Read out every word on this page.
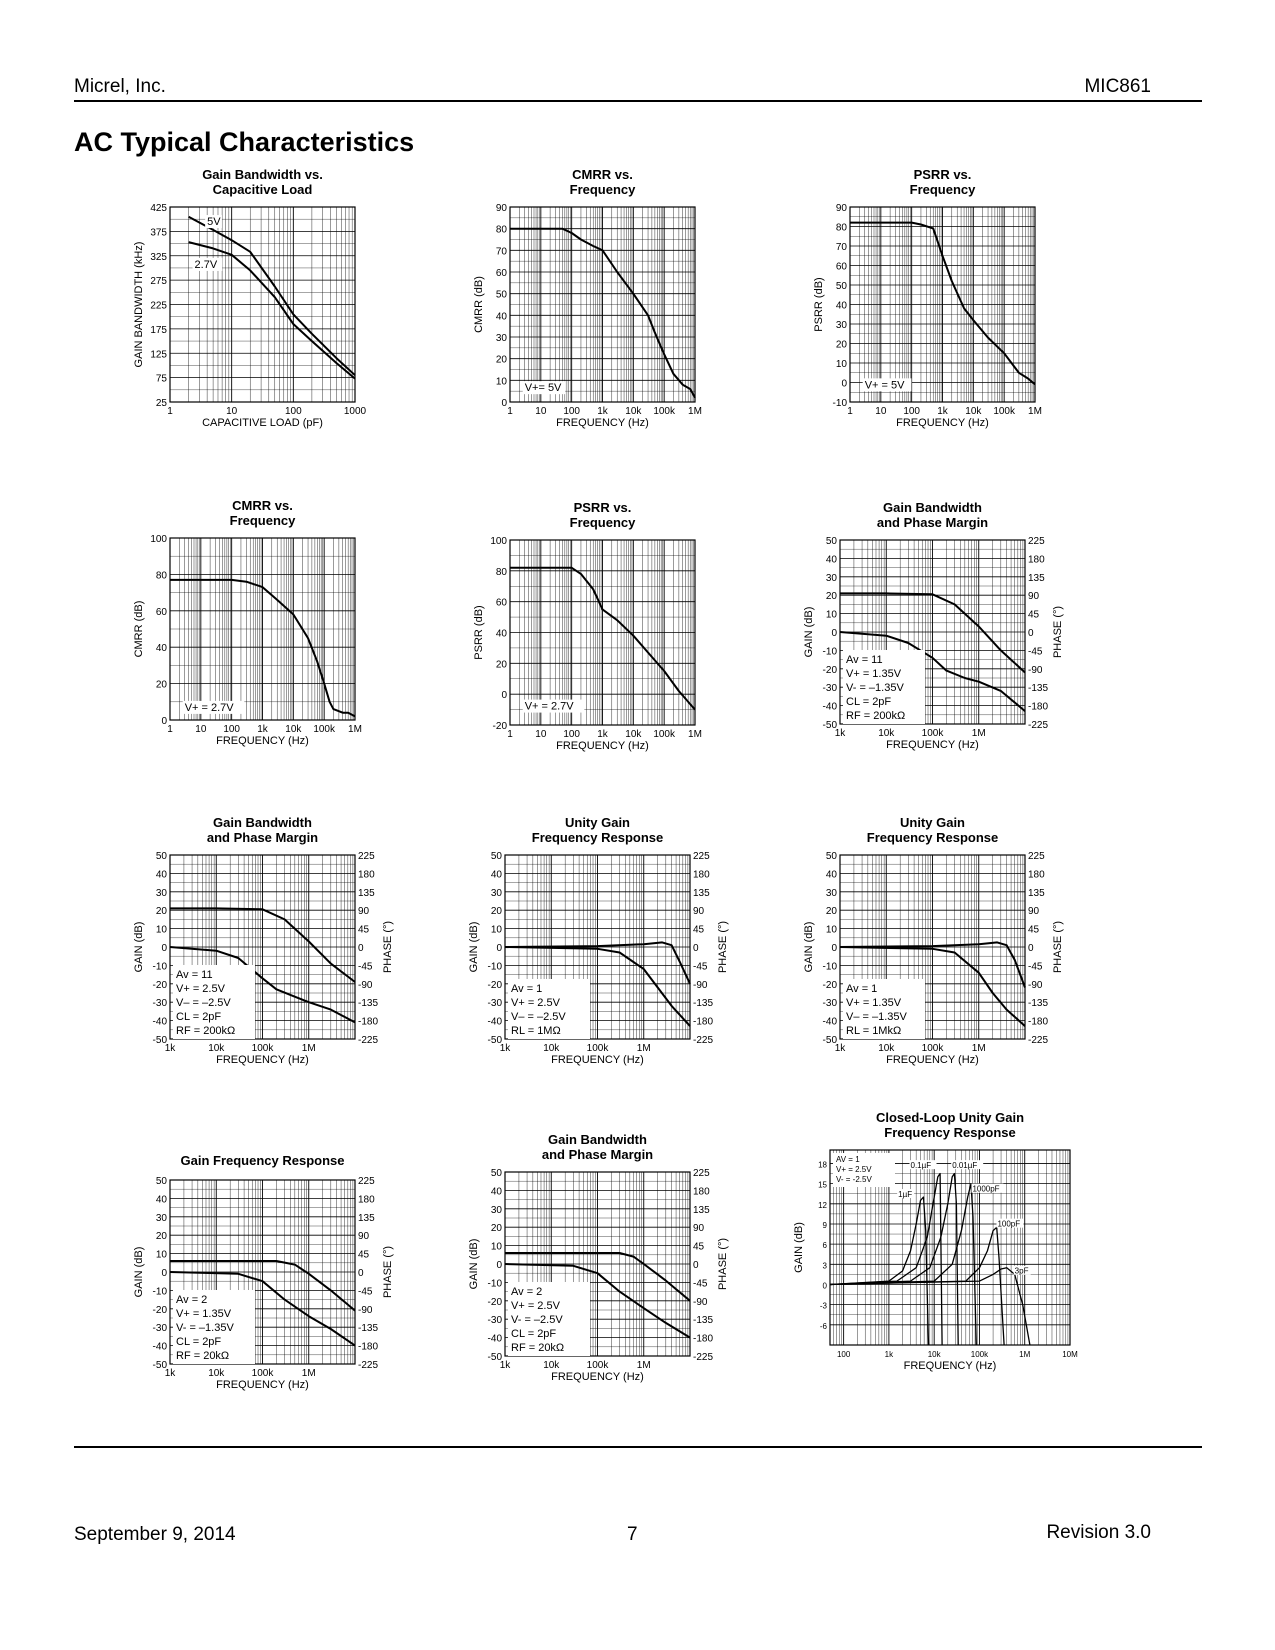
Micrel, Inc.	MIC861
AC Typical Characteristics
Gain Bandwidth vs.
Capacitive Load
1	10	100	1000
25
75
125
175
225
275
325
375
425
CAPACITIVE LOAD (pF)
GAIN BANDWIDTH (kHz)
5V
2.7V
CMRR vs.
Frequency
1 10 100 1k 10k 100k 1M
0
10
20
30
40
50
60
70
80
90
FREQUENCY (Hz)
CMRR (dB)
V+= 5V
PSRR vs.
Frequency
1 10 100 1k 10k 100k 1M
-10
0
10
20
30
40
50
60
70
80
90
FREQUENCY (Hz)
PSRR (dB)
V+ = 5V
CMRR vs.
Frequency
1 10 100 1k 10k 100k 1M
0
20
40
60
80
100
FREQUENCY (Hz)
CMRR (dB)
V+ = 2.7V
PSRR vs.
Frequency
1 10 100 1k 10k 100k 1M
-20
0
20
40
60
80
100
FREQUENCY (Hz)
PSRR (dB)
V+ = 2.7V
Gain Bandwidth
and Phase Margin
1k	10k	100k	1M
-50
-40
-30
-20
-10
0
10
20
30
40
50
-225
-180
-135
-90
-45
0
45
90
135
180
225
FREQUENCY (Hz)
GAIN (dB)	PHASE (°)
Av = 11
V+ = 1.35V
V- = –1.35V
CL = 2pF
RF = 200kΩ
Gain Bandwidth
and Phase Margin
1k	10k	100k	1M
-50
-40
-30
-20
-10
0
10
20
30
40
50
-225
-180
-135
-90
-45
0
45
90
135
180
225
FREQUENCY (Hz)
GAIN (dB)	PHASE (°)
Av = 11
V+ = 2.5V
V– = –2.5V
CL = 2pF
RF = 200kΩ
Unity Gain
Frequency Response
1k	10k	100k	1M
-50
-40
-30
-20
-10
0
10
20
30
40
50
-225
-180
-135
-90
-45
0
45
90
135
180
225
FREQUENCY (Hz)
GAIN (dB)	PHASE (°)
Av = 1
V+ = 2.5V
V– = –2.5V
RL = 1MΩ
Unity Gain
Frequency Response
1k	10k	100k	1M
-50
-40
-30
-20
-10
0
10
20
30
40
50
-225
-180
-135
-90
-45
0
45
90
135
180
225
FREQUENCY (Hz)
GAIN (dB)	PHASE (°)
Av = 1
V+ = 1.35V
V– = –1.35V
RL = 1MkΩ
Gain Frequency Response
1k	10k	100k	1M
-50
-40
-30
-20
-10
0
10
20
30
40
50
-225
-180
-135
-90
-45
0
45
90
135
180
225
FREQUENCY (Hz)
GAIN (dB)	PHASE (°)
Av = 2
V+ = 1.35V
V- = –1.35V
CL = 2pF
RF = 20kΩ
Gain Bandwidth
and Phase Margin
1k	10k	100k	1M
-50
-40
-30
-20
-10
0
10
20
30
40
50
-225
-180
-135
-90
-45
0
45
90
135
180
225
FREQUENCY (Hz)
GAIN (dB)	PHASE (°)
Av = 2
V+ = 2.5V
V- = –2.5V
CL = 2pF
RF = 20kΩ
Closed-Loop Unity Gain
Frequency Response
100	1k	10k	100k	1M	10M
-6
-3
0
3
6
9
12
15
18
FREQUENCY (Hz)
GAIN (dB)
1µF
0.1µF	0.01µF
1000pF
100pF
3pF
AV = 1
V+ = 2.5V
V- = -2.5V
September 9, 2014	7	Revision 3.0
